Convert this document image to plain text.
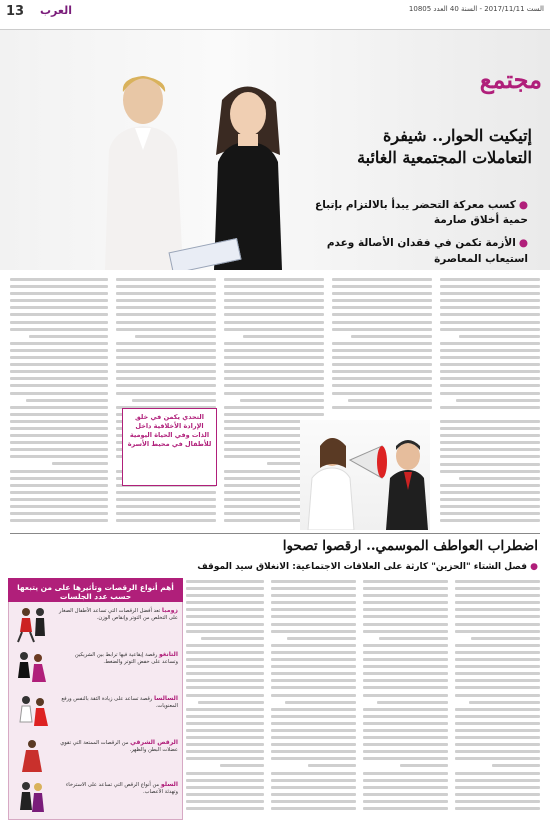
13 العرب	الست 2017/11/11 - السنة 40 العدد 10805
مجتمع
إتيكيت الحوار.. شيفرة
التعاملات المجتمعية الغائبة
●كسب معركة التحضر يبدأ بالالتزام بإتباع حمية أخلاق صارمة
●الأزمة تكمن في فقدان الأصالة وعدم استيعاب المعاصرة
التحدي يكمن في خلق الإرادة الأخلاقية داخل الذات وفي الحياة اليومية للأطفال في محيط الأسرة
اضطراب العواطف الموسمي.. ارقصوا تصحوا
● فصل الشتاء "الحزين" كارثة على العلاقات الاجتماعية: الانغلاق سيد الموقف
أهم أنواع الرقصات وتأثيرها على من يتبعها حسب عدد الجلسات
زومبا تعد أفضل الرقصات التي تساعد الأطفال الصغار على التخلص من التوتر وإنقاص الوزن.
التانغو رقصة إيقاعية فيها ترابط بين الشريكين وتساعد على خفض التوتر والضغط.
السالسا رقصة تساعد على زيادة الثقة بالنفس ورفع المعنويات.
الرقص الشرقي من الرقصات الممتعة التي تقوي عضلات البطن والظهر.
السلو من أنواع الرقص التي تساعد على الاسترخاء وتهدئة الأعصاب.
